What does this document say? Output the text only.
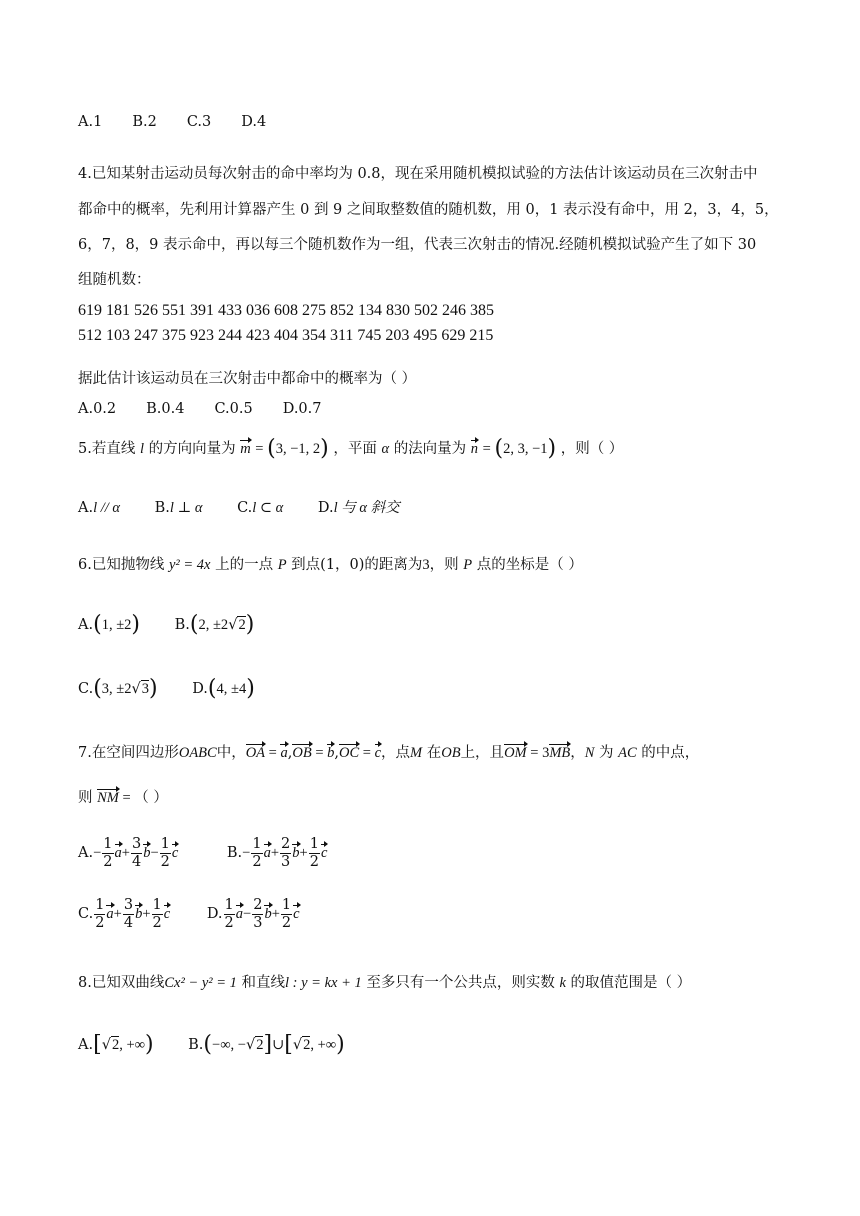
A.1 B.2 C.3 D.4
4.已知某射击运动员每次射击的命中率均为 0.8，现在采用随机模拟试验的方法估计该运动员在三次射击中
都命中的概率，先利用计算器产生 0 到 9 之间取整数值的随机数，用 0，1 表示没有命中，用 2，3，4，5，
6，7，8，9 表示命中，再以每三个随机数作为一组，代表三次射击的情况.经随机模拟试验产生了如下 30
组随机数：
619 181 526 551 391 433 036 608 275 852 134 830 502 246 385
512 103 247 375 923 244 423 404 354 311 745 203 495 629 215
据此估计该运动员在三次射击中都命中的概率为（ ）
A.0.2 B.0.4 C.0.5 D.0.7
5.若直线 l 的方向向量为 m = (3, −1, 2) ，平面 α 的法向量为 n = (2, 3, −1) ，则（ ）
A.l // α B.l ⊥ α C.l ⊂ α D.l 与 α 斜交
6.已知抛物线 y² = 4x 上的一点 P 到点(1，0)的距离为3，则 P 点的坐标是（ ）
A.(1, ±2) B.(2, ±2√2)
C.(3, ±2√3) D.(4, ±4)
7.在空间四边形OABC中，OA = a,OB = b,OC = c，点M 在OB上，且OM = 3MB，N 为 AC 的中点，
则 NM = （ ）
$A.- \frac{1}{2} a+ \frac{3}{4} b- \frac{1}{2}$ c	$B.- \frac{1}{2} a+ \frac{2}{3} b+ \frac{1}{2}$ c
C. $\frac{1}{2} a+ \frac{3}{4} b+ \frac{1}{2}$ c	D. $\frac{1}{2} a- \frac{2}{3} b+ \frac{1}{2}$ c
8.已知双曲线Cx² − y² = 1 和直线l : y = kx + 1 至多只有一个公共点，则实数 k 的取值范围是（ ）
A.[√2, +∞) B.(−∞, −√2]∪[√2, +∞)
